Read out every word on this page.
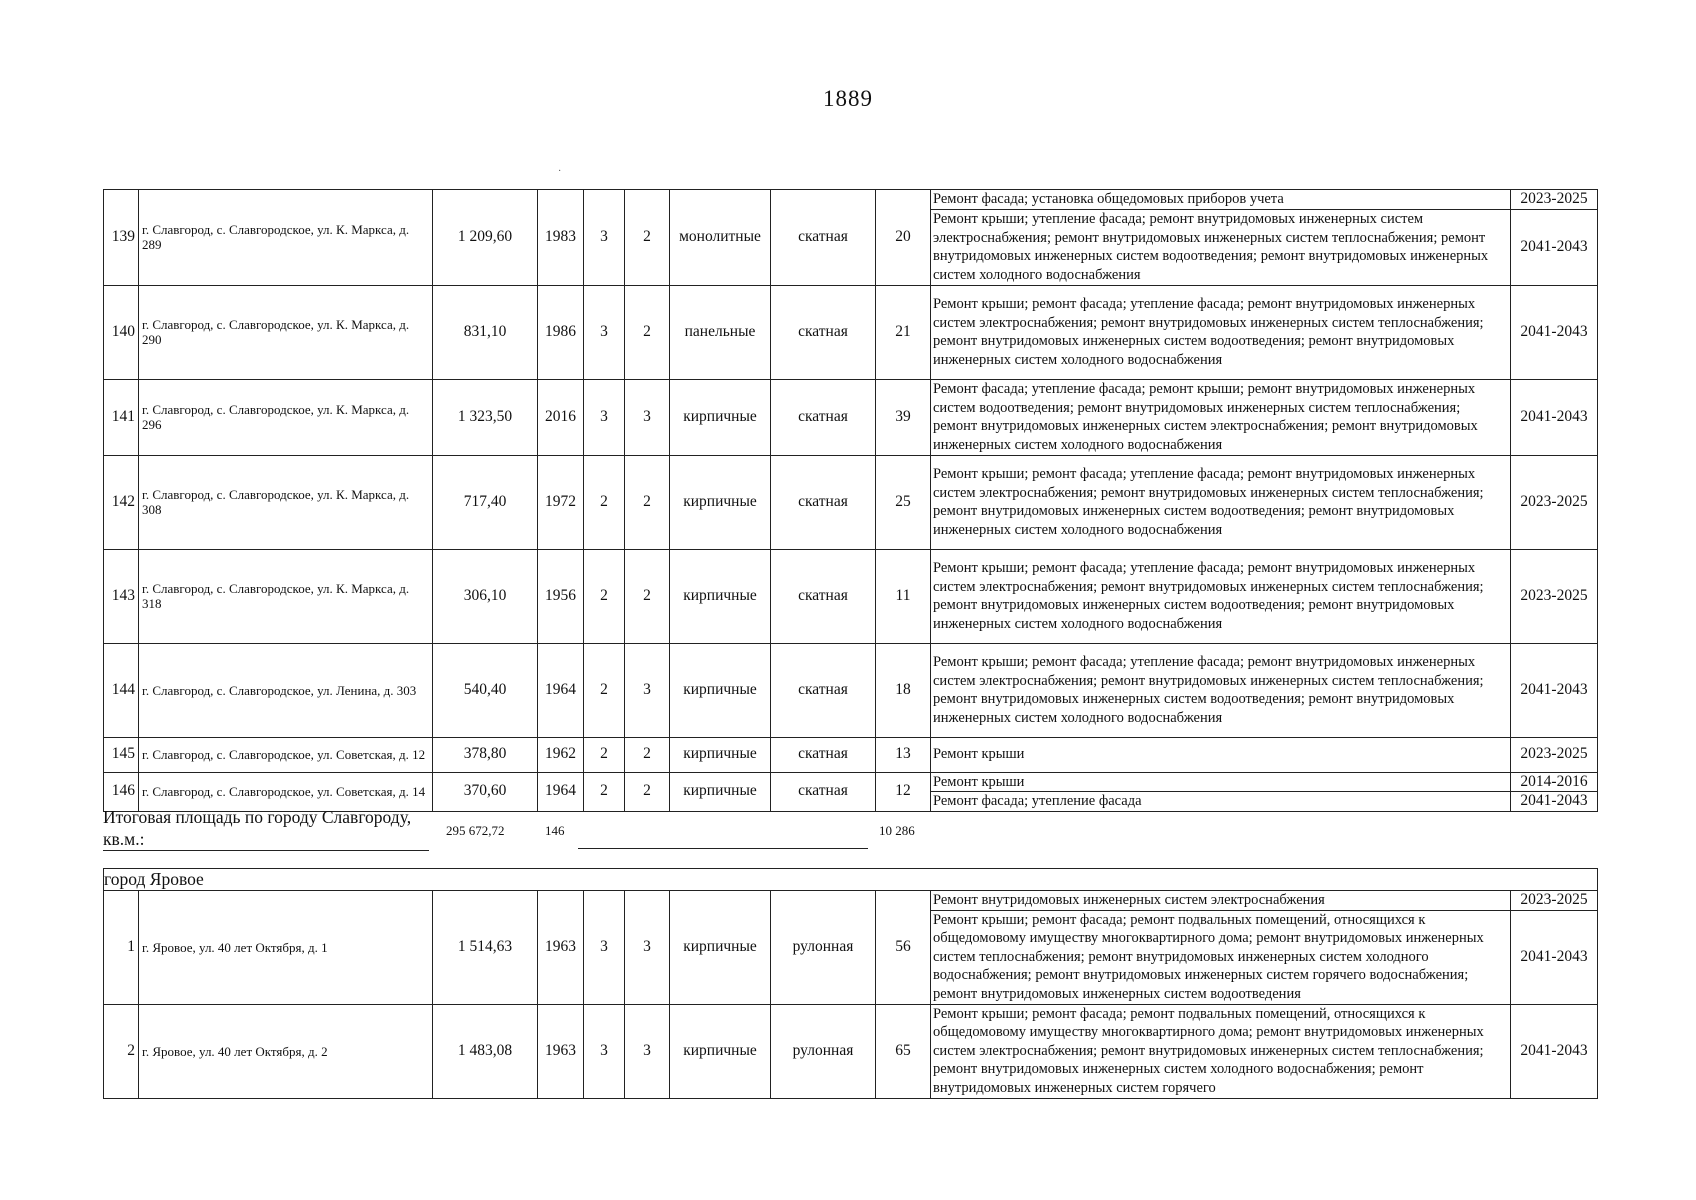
1889
·
139	г. Славгород, с. Славгородское, ул. К. Маркса, д. 289	1 209,60	1983	3	2	монолитные	скатная	20	Ремонт фасада; установка общедомовых приборов учета	2023-2025
									Ремонт крыши; утепление фасада; ремонт внутридомовых инженерных систем электроснабжения; ремонт внутридомовых инженерных систем теплоснабжения; ремонт внутридомовых инженерных систем водоотведения; ремонт внутридомовых инженерных систем холодного водоснабжения	2041-2043
140	г. Славгород, с. Славгородское, ул. К. Маркса, д. 290	831,10	1986	3	2	панельные	скатная	21	Ремонт крыши; ремонт фасада; утепление фасада; ремонт внутридомовых инженерных систем электроснабжения; ремонт внутридомовых инженерных систем теплоснабжения; ремонт внутридомовых инженерных систем водоотведения; ремонт внутридомовых инженерных систем холодного водоснабжения	2041-2043
141	г. Славгород, с. Славгородское, ул. К. Маркса, д. 296	1 323,50	2016	3	3	кирпичные	скатная	39	Ремонт фасада; утепление фасада; ремонт крыши; ремонт внутридомовых инженерных систем водоотведения; ремонт внутридомовых инженерных систем теплоснабжения; ремонт внутридомовых инженерных систем электроснабжения; ремонт внутридомовых инженерных систем холодного водоснабжения	2041-2043
142	г. Славгород, с. Славгородское, ул. К. Маркса, д. 308	717,40	1972	2	2	кирпичные	скатная	25	Ремонт крыши; ремонт фасада; утепление фасада; ремонт внутридомовых инженерных систем электроснабжения; ремонт внутридомовых инженерных систем теплоснабжения; ремонт внутридомовых инженерных систем водоотведения; ремонт внутридомовых инженерных систем холодного водоснабжения	2023-2025
143	г. Славгород, с. Славгородское, ул. К. Маркса, д. 318	306,10	1956	2	2	кирпичные	скатная	11	Ремонт крыши; ремонт фасада; утепление фасада; ремонт внутридомовых инженерных систем электроснабжения; ремонт внутридомовых инженерных систем теплоснабжения; ремонт внутридомовых инженерных систем водоотведения; ремонт внутридомовых инженерных систем холодного водоснабжения	2023-2025
144	г. Славгород, с. Славгородское, ул. Ленина, д. 303	540,40	1964	2	3	кирпичные	скатная	18	Ремонт крыши; ремонт фасада; утепление фасада; ремонт внутридомовых инженерных систем электроснабжения; ремонт внутридомовых инженерных систем теплоснабжения; ремонт внутридомовых инженерных систем водоотведения; ремонт внутридомовых инженерных систем холодного водоснабжения	2041-2043
145	г. Славгород, с. Славгородское, ул. Советская, д. 12	378,80	1962	2	2	кирпичные	скатная	13	Ремонт крыши	2023-2025
146	г. Славгород, с. Славгородское, ул. Советская, д. 14	370,60	1964	2	2	кирпичные	скатная	12	Ремонт крыши	2014-2016
									Ремонт фасада; утепление фасада	2041-2043
Итоговая площадь по городу Славгороду, кв.м.:	295 672,72	146	10 286
город Яровое										
1	г. Яровое, ул. 40 лет Октября, д. 1	1 514,63	1963	3	3	кирпичные	рулонная	56	Ремонт внутридомовых инженерных систем электроснабжения	2023-2025
									Ремонт крыши; ремонт фасада; ремонт подвальных помещений, относящихся к общедомовому имуществу многоквартирного дома; ремонт внутридомовых инженерных систем теплоснабжения; ремонт внутридомовых инженерных систем холодного водоснабжения; ремонт внутридомовых инженерных систем горячего водоснабжения; ремонт внутридомовых инженерных систем водоотведения	2041-2043
2	г. Яровое, ул. 40 лет Октября, д. 2	1 483,08	1963	3	3	кирпичные	рулонная	65	Ремонт крыши; ремонт фасада; ремонт подвальных помещений, относящихся к общедомовому имуществу многоквартирного дома; ремонт внутридомовых инженерных систем электроснабжения; ремонт внутридомовых инженерных систем теплоснабжения; ремонт внутридомовых инженерных систем холодного водоснабжения; ремонт внутридомовых инженерных систем горячего	2041-2043
